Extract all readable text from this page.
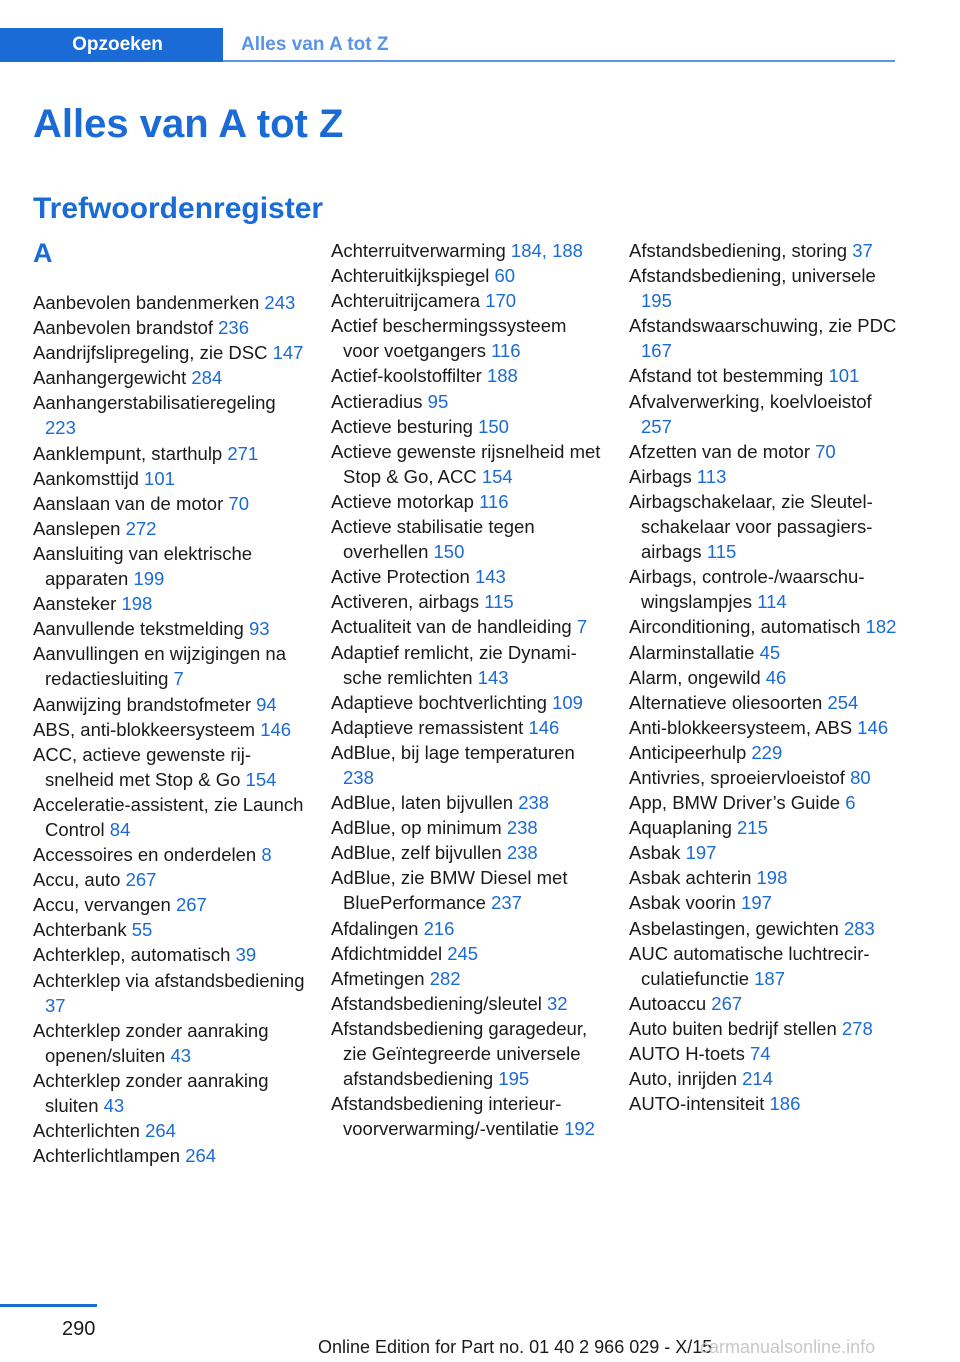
Opzoeken	Alles van A tot Z
Alles van A tot Z
Trefwoordenregister
A
Aanbevolen bandenmerken 243
Aanbevolen brandstof 236
Aandrijfslipregeling, zie DSC 147
Aanhangergewicht 284
Aanhangerstabilisatieregeling 223
Aanklempunt, starthulp 271
Aankomsttijd 101
Aanslaan van de motor 70
Aanslepen 272
Aansluiting van elektrische apparaten 199
Aansteker 198
Aanvullende tekstmelding 93
Aanvullingen en wijzigingen na redactiesluiting 7
Aanwijzing brandstofmeter 94
ABS, anti-blokkeersysteem 146
ACC, actieve gewenste rijsnelheid met Stop & Go 154
Acceleratie-assistent, zie Launch Control 84
Accessoires en onderdelen 8
Accu, auto 267
Accu, vervangen 267
Achterbank 55
Achterklep, automatisch 39
Achterklep via afstandsbediening 37
Achterklep zonder aanraking openen/sluiten 43
Achterklep zonder aanraking sluiten 43
Achterlichten 264
Achterlichtlampen 264
Achterruitverwarming 184, 188
Achteruitkijkspiegel 60
Achteruitrijcamera 170
Actief beschermingssysteem voor voetgangers 116
Actief-koolstoffilter 188
Actieradius 95
Actieve besturing 150
Actieve gewenste rijsnelheid met Stop & Go, ACC 154
Actieve motorkap 116
Actieve stabilisatie tegen overhellen 150
Active Protection 143
Activeren, airbags 115
Actualiteit van de handleiding 7
Adaptief remlicht, zie Dynamische remlichten 143
Adaptieve bochtverlichting 109
Adaptieve remassistent 146
AdBlue, bij lage temperaturen 238
AdBlue, laten bijvullen 238
AdBlue, op minimum 238
AdBlue, zelf bijvullen 238
AdBlue, zie BMW Diesel met BluePerformance 237
Afdalingen 216
Afdichtmiddel 245
Afmetingen 282
Afstandsbediening/sleutel 32
Afstandsbediening garagedeur, zie Geïntegreerde universele afstandsbediening 195
Afstandsbediening interieurvoorverwarming/-ventilatie 192
Afstandsbediening, storing 37
Afstandsbediening, universele 195
Afstandswaarschuwing, zie PDC 167
Afstand tot bestemming 101
Afvalverwerking, koelvloeistof 257
Afzetten van de motor 70
Airbags 113
Airbagschakelaar, zie Sleutelschakelaar voor passagiersairbags 115
Airbags, controle-/waarschuwingslampjes 114
Airconditioning, automatisch 182
Alarminstallatie 45
Alarm, ongewild 46
Alternatieve oliesoorten 254
Anti-blokkeersysteem, ABS 146
Anticipeerhulp 229
Antivries, sproeiervloeistof 80
App, BMW Driver’s Guide 6
Aquaplaning 215
Asbak 197
Asbak achterin 198
Asbak voorin 197
Asbelastingen, gewichten 283
AUC automatische luchtrecirculatiefunctie 187
Autoaccu 267
Auto buiten bedrijf stellen 278
AUTO H-toets 74
Auto, inrijden 214
AUTO-intensiteit 186
290
Online Edition for Part no. 01 40 2 966 029 - X/15
carmanualsonline.info
